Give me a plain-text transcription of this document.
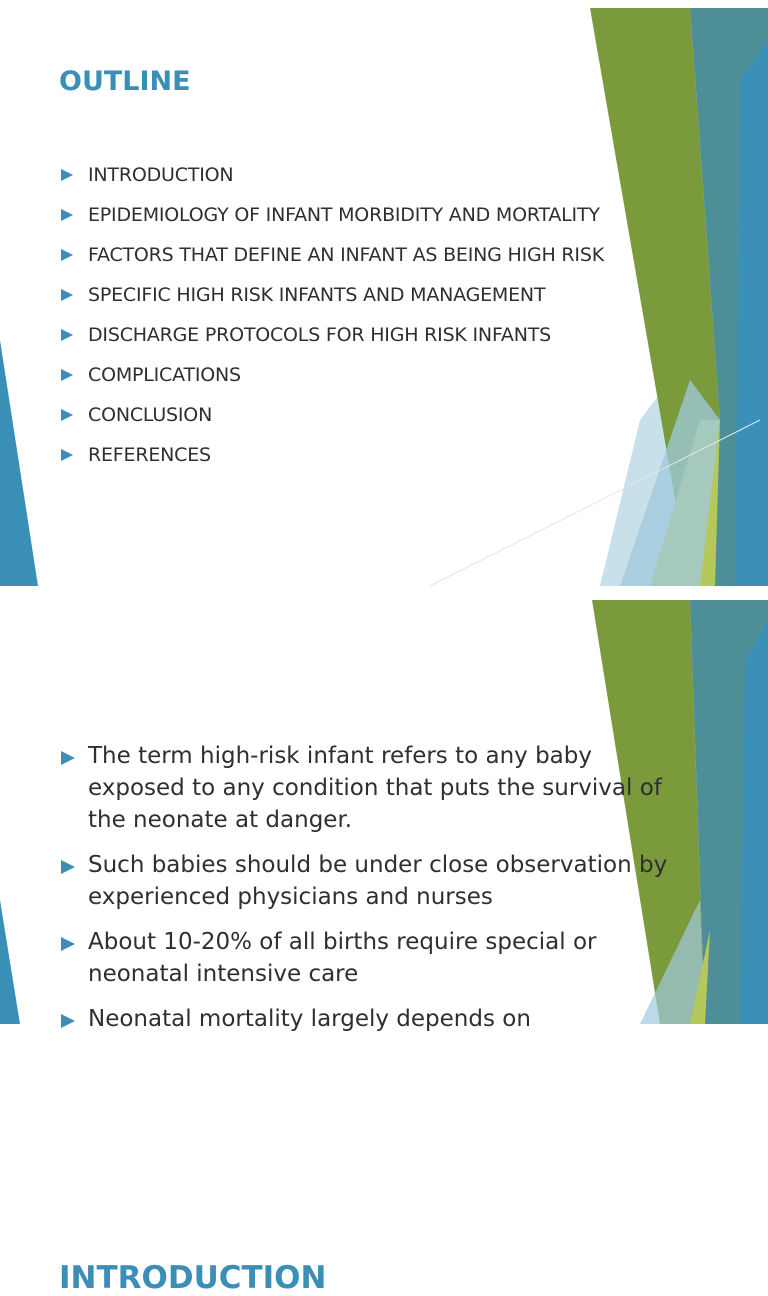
OUTLINE
INTRODUCTION
EPIDEMIOLOGY OF INFANT MORBIDITY AND MORTALITY
FACTORS THAT DEFINE AN INFANT AS BEING HIGH RISK
SPECIFIC HIGH RISK INFANTS AND MANAGEMENT
DISCHARGE PROTOCOLS FOR HIGH RISK INFANTS
COMPLICATIONS
CONCLUSION
REFERENCES
INTRODUCTION
The term high-risk infant refers to any baby exposed to any condition that puts the survival of the neonate at danger.
Such babies should be under close observation by experienced physicians and nurses
About 10-20% of all births require special or neonatal intensive care
Neonatal mortality largely depends on
